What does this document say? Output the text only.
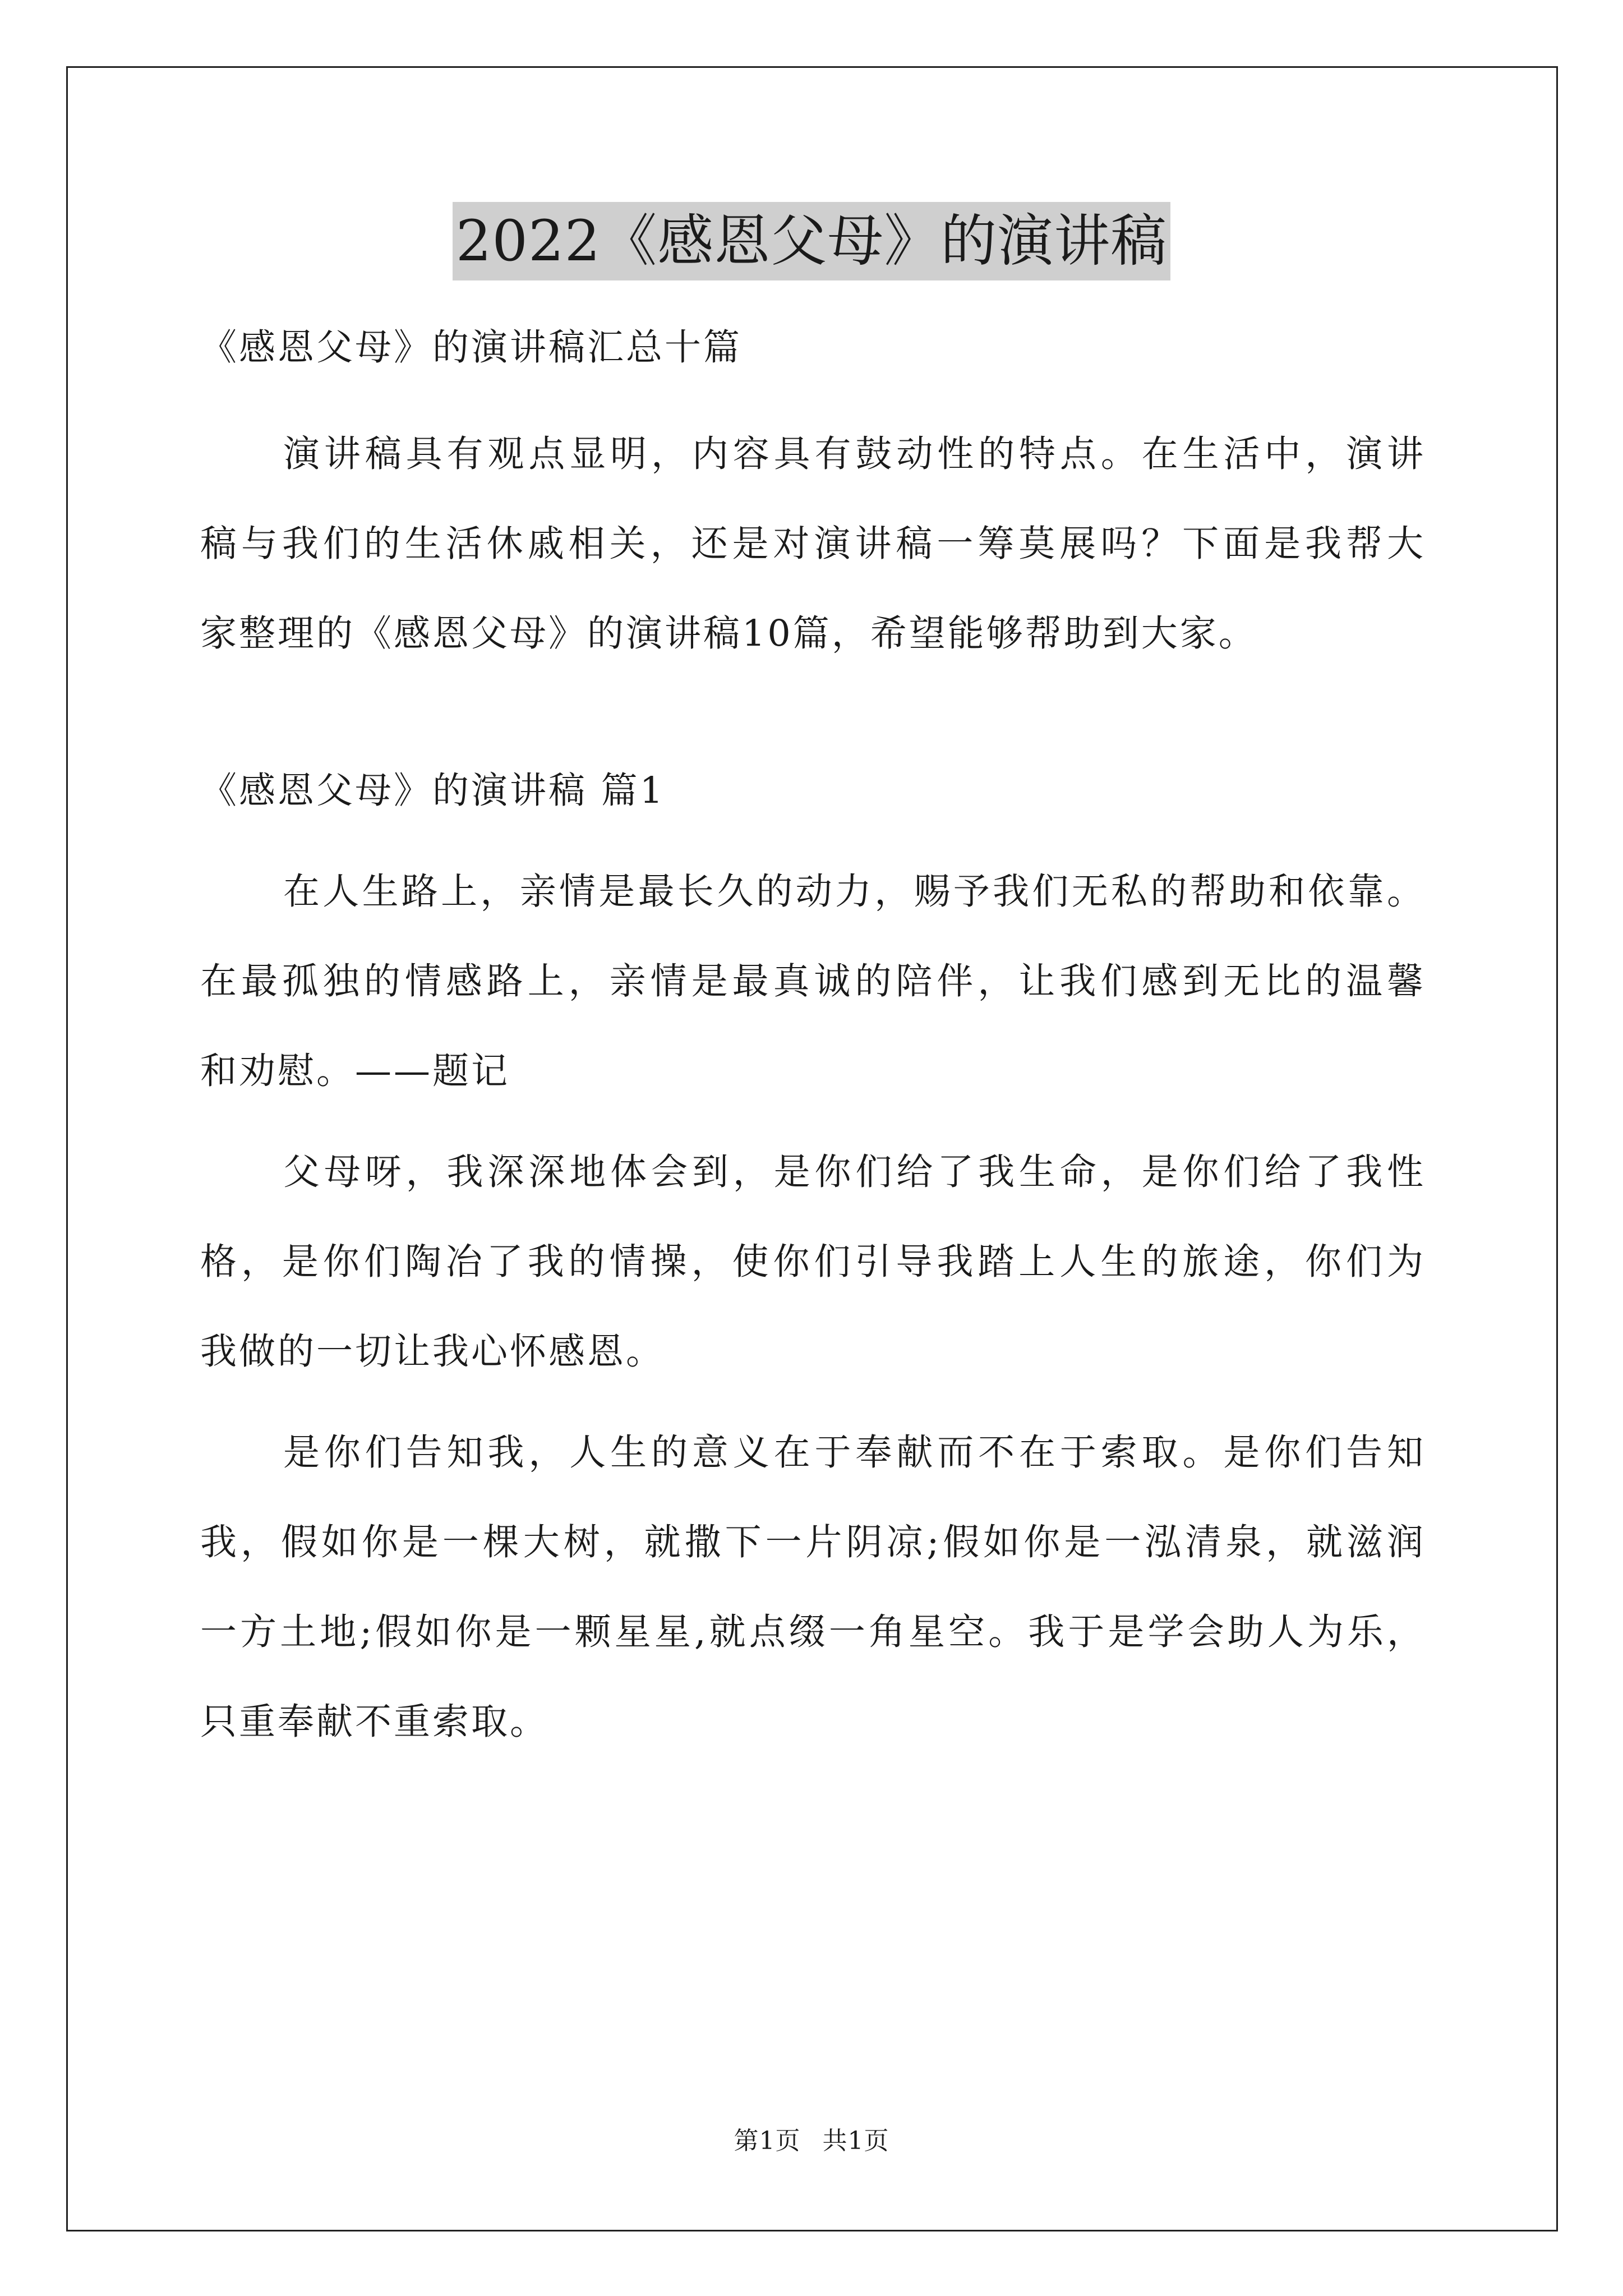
2022《感恩父母》的演讲稿
《感恩父母》的演讲稿汇总十篇
演讲稿具有观点显明，内容具有鼓动性的特点。在生活中，演讲
稿与我们的生活休戚相关，还是对演讲稿一筹莫展吗？下面是我帮大
家整理的《感恩父母》的演讲稿10篇，希望能够帮助到大家。
《感恩父母》的演讲稿 篇1
在人生路上，亲情是最长久的动力，赐予我们无私的帮助和依靠。
在最孤独的情感路上，亲情是最真诚的陪伴，让我们感到无比的温馨
和劝慰。——题记
父母呀，我深深地体会到，是你们给了我生命，是你们给了我性
格，是你们陶冶了我的情操，使你们引导我踏上人生的旅途，你们为
我做的一切让我心怀感恩。
是你们告知我，人生的意义在于奉献而不在于索取。是你们告知
我，假如你是一棵大树，就撒下一片阴凉;假如你是一泓清泉，就滋润
一方土地;假如你是一颗星星,就点缀一角星空。我于是学会助人为乐，
只重奉献不重索取。
第1页 共1页
